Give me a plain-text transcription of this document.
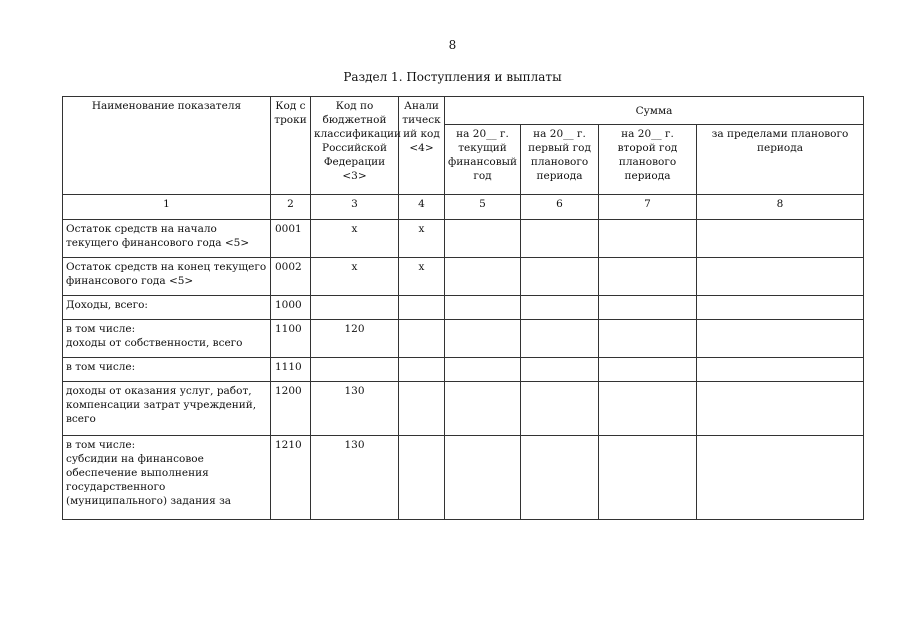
8
Раздел 1. Поступления и выплаты
Наименование показателя	Код строки	Код по бюджетной классификации Российской Федерации <3>	Аналитический код <4>	Сумма			
				на 20__ г. текущий финансовый год	на 20__ г. первый год планового периода	на 20__ г. второй год планового периода	за пределами планового периода
1	2	3	4	5	6	7	8
Остаток средств на начало текущего финансового года <5>	0001	x	x				
Остаток средств на конец текущего финансового года <5>	0002	x	x				
Доходы, всего:	1000						
в том числе:
доходы от собственности, всего	1100	120					
в том числе:	1110						
доходы от оказания услуг, работ, компенсации затрат учреждений, всего	1200	130					
в том числе:
субсидии на финансовое обеспечение выполнения государственного (муниципального) задания за	1210	130					
